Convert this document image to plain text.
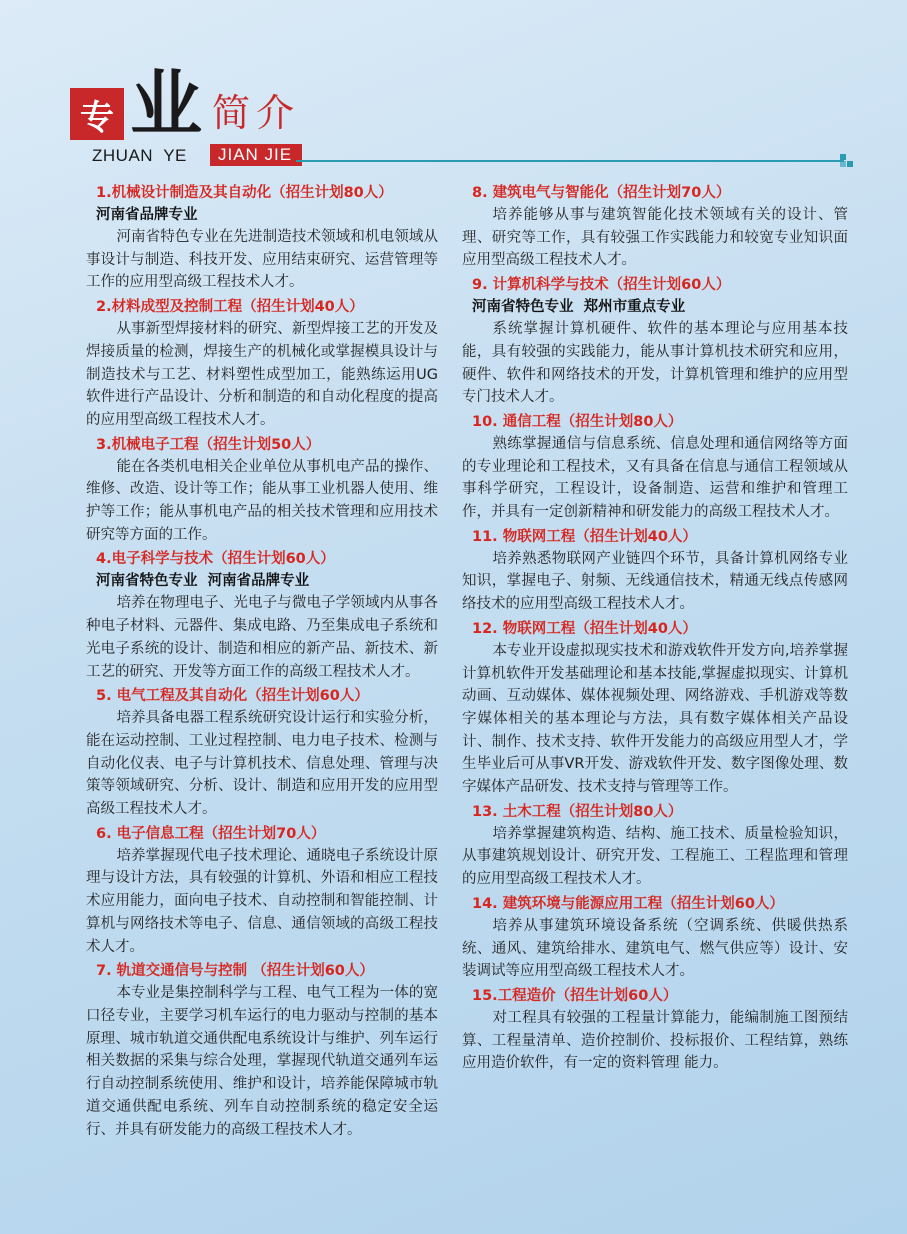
专 业 简介
ZHUAN  YE	JIAN JIE
1.机械设计制造及其自动化（招生计划80人）
河南省品牌专业
河南省特色专业在先进制造技术领域和机电领域从事设计与制造、科技开发、应用结束研究、运营管理等工作的应用型高级工程技术人才。
2.材料成型及控制工程（招生计划40人）
从事新型焊接材料的研究、新型焊接工艺的开发及焊接质量的检测，焊接生产的机械化或掌握模具设计与制造技术与工艺、材料塑性成型加工，能熟练运用UG软件进行产品设计、分析和制造的和自动化程度的提高的应用型高级工程技术人才。
3.机械电子工程（招生计划50人）
能在各类机电相关企业单位从事机电产品的操作、维修、改造、设计等工作；能从事工业机器人使用、维护等工作；能从事机电产品的相关技术管理和应用技术研究等方面的工作。
4.电子科学与技术（招生计划60人）
河南省特色专业  河南省品牌专业
培养在物理电子、光电子与微电子学领域内从事各种电子材料、元器件、集成电路、乃至集成电子系统和光电子系统的设计、制造和相应的新产品、新技术、新工艺的研究、开发等方面工作的高级工程技术人才。
5. 电气工程及其自动化（招生计划60人）
培养具备电器工程系统研究设计运行和实验分析，能在运动控制、工业过程控制、电力电子技术、检测与自动化仪表、电子与计算机技术、信息处理、管理与决策等领域研究、分析、设计、制造和应用开发的应用型高级工程技术人才。
6. 电子信息工程（招生计划70人）
培养掌握现代电子技术理论、通晓电子系统设计原理与设计方法，具有较强的计算机、外语和相应工程技术应用能力，面向电子技术、自动控制和智能控制、计算机与网络技术等电子、信息、通信领域的高级工程技术人才。
7. 轨道交通信号与控制 （招生计划60人）
本专业是集控制科学与工程、电气工程为一体的宽口径专业，主要学习机车运行的电力驱动与控制的基本原理、城市轨道交通供配电系统设计与维护、列车运行相关数据的采集与综合处理，掌握现代轨道交通列车运行自动控制系统使用、维护和设计，培养能保障城市轨道交通供配电系统、列车自动控制系统的稳定安全运行、并具有研发能力的高级工程技术人才。
8. 建筑电气与智能化（招生计划70人）
培养能够从事与建筑智能化技术领域有关的设计、管理、研究等工作，具有较强工作实践能力和较宽专业知识面应用型高级工程技术人才。
9. 计算机科学与技术（招生计划60人）
河南省特色专业  郑州市重点专业
系统掌握计算机硬件、软件的基本理论与应用基本技能，具有较强的实践能力，能从事计算机技术研究和应用，硬件、软件和网络技术的开发，计算机管理和维护的应用型专门技术人才。
10. 通信工程（招生计划80人）
熟练掌握通信与信息系统、信息处理和通信网络等方面的专业理论和工程技术，又有具备在信息与通信工程领域从事科学研究，工程设计，设备制造、运营和维护和管理工作，并具有一定创新精神和研发能力的高级工程技术人才。
11. 物联网工程（招生计划40人）
培养熟悉物联网产业链四个环节，具备计算机网络专业知识，掌握电子、射频、无线通信技术，精通无线点传感网络技术的应用型高级工程技术人才。
12. 物联网工程（招生计划40人）
本专业开设虚拟现实技术和游戏软件开发方向,培养掌握计算机软件开发基础理论和基本技能,掌握虚拟现实、计算机动画、互动媒体、媒体视频处理、网络游戏、手机游戏等数字媒体相关的基本理论与方法，具有数字媒体相关产品设计、制作、技术支持、软件开发能力的高级应用型人才，学生毕业后可从事VR开发、游戏软件开发、数字图像处理、数字媒体产品研发、技术支持与管理等工作。
13. 土木工程（招生计划80人）
培养掌握建筑构造、结构、施工技术、质量检验知识，从事建筑规划设计、研究开发、工程施工、工程监理和管理的应用型高级工程技术人才。
14. 建筑环境与能源应用工程（招生计划60人）
培养从事建筑环境设备系统（空调系统、供暖供热系统、通风、建筑给排水、建筑电气、燃气供应等）设计、安装调试等应用型高级工程技术人才。
15.工程造价（招生计划60人）
对工程具有较强的工程量计算能力，能编制施工图预结算、工程量清单、造价控制价、投标报价、工程结算，熟练应用造价软件，有一定的资料管理 能力。
